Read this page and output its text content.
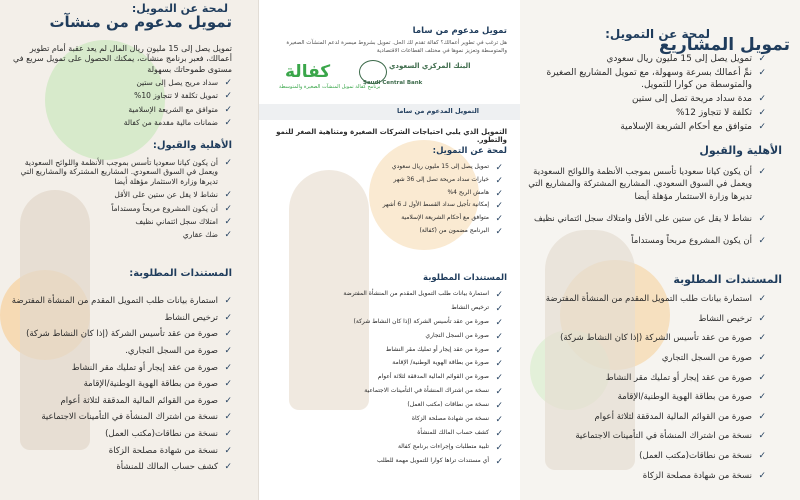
لمحة عن التمويل:
تمويل مدعوم من منشآت
تمويل يصل إلى 15 مليون ريال المال لم يعد عقبة أمام تطوير أعمالك، فعبر برنامج منشآت، يمكنك الحصول على تمويل سريع في مستوى طموحاتك بسهولة
✓ سداد مريح يصل إلى ستين
✓ تمويل تكلفة لا تتجاوز 10%
✓ متوافق مع الشريعة الإسلامية
✓ ضمانات مالية مقدمة من كفالة
الأهلية والقبول:
✓ أن يكون كيانا سعوديا تأسس بموجب الأنظمة واللوائح السعودية ويعمل في السوق السعودي. المشاريع المشتركة والمشاريع التي تديرها وزارة الاستثمار مؤهلة أيضا
✓ نشاط لا يقل عن ستين على الأقل
✓ أن يكون المشروع مربحاً ومستداماً
✓ امتلاك سجل ائتماني نظيف
✓ ضك عقاري
المستندات المطلوبة:
✓ استمارة بيانات طلب التمويل المقدم من المنشأة المفترضة
✓ ترخيص النشاط
✓ صورة من عقد تأسيس الشركة (إذا كان النشاط شركة)
✓ صورة من السجل التجاري.
✓ صورة من عقد إيجار أو تمليك مقر النشاط
✓ صورة من بطاقة الهوية الوطنية/الإقامة
✓ صورة من القوائم المالية المدققة لثلاثة أعوام
✓ نسخة من اشتراك المنشأة في التأمينات الاجتماعية
✓ نسخة من نطاقات(مكتب العمل)
✓ نسخة من شهادة مصلحة الزكاة
✓ كشف حساب المالك للمنشأة
تمويل مدعوم من ساما
هل ترغب في تطوير أعمالك؟ كفالة تقدم لك الحل. تمويل بشروط ميسرة لدعم المنشآت الصغيرة والمتوسطة وتعزيز نموها في مختلف القطاعات الاقتصادية
كفالة
برنامج كفالة تمويل المنشآت الصغيرة والمتوسطة
البنك المركزي السعودي
Saudi Central Bank
التمويل المدعوم من ساما
التمويل الذي يلبي احتياجات الشركات الصغيرة ومتناهية الصغر للنمو والتطور.
لمحة عن التمويل:
✓ تمويل يصل إلى 15 مليون ريال سعودي
✓ خيارات سداد مريحة تصل إلى 36 شهر
✓ هامش الربح 4%
✓ إمكانية تأجيل سداد القسط الأول لـ 6 أشهر
✓ متوافق مع أحكام الشريعة الإسلامية
✓ البرنامج مضمون من (كفالة)
المستندات المطلوبة
✓ استمارة بيانات طلب التمويل المقدم من المنشأة المفترضة
✓ ترخيص النشاط
✓ صورة من عقد تأسيس الشركة (إذا كان النشاط شركة)
✓ صورة من السجل التجاري
✓ صورة من عقد إيجار أو تمليك مقر النشاط
✓ صورة من بطاقة الهوية الوطنية/ الإقامة
✓ صورة من القوائم المالية المدققة لثلاثة أعوام
✓ نسخة من اشتراك المنشأة في التأمينات الاجتماعية
✓ نسخة من نطاقات (مكتب العمل)
✓ نسخة من شهادة مصلحة الزكاة
✓ كشف حساب المالك للمنشأة
✓ تلبية متطلبات وإجراءات برنامج كفالة
✓ أي مستندات تراها كوارا للتمويل مهمة للطلب
لمحة عن التمويل:
تمويل المشاريع
✓ تمويل يصل إلى 15 مليون ريال سعودي
✓ نمِّ أعمالك بسرعة وسهولة، مع تمويل المشاريع الصغيرة والمتوسطة من كوارا للتمويل.
✓ مدة سداد مريحة تصل إلى ستين
✓ تكلفة لا تتجاوز 12%
✓ متوافق مع أحكام الشريعة الإسلامية
الأهلية والقبول
✓ أن يكون كيانا سعوديا تأسس بموجب الأنظمة واللوائح السعودية ويعمل في السوق السعودي. المشاريع المشتركة والمشاريع التي تديرها وزارة الاستثمار مؤهلة أيضا
✓ نشاط لا يقل عن ستين على الأقل وامتلاك سجل ائتماني نظيف
✓ أن يكون المشروع مربحاً ومستداماً
المستندات المطلوبة
✓ استمارة بيانات طلب التمويل المقدم من المنشأة المفترضة
✓ ترخيص النشاط
✓ صورة من عقد تأسيس الشركة (إذا كان النشاط شركة)
✓ صورة من السجل التجاري
✓ صورة من عقد إيجار أو تمليك مقر النشاط
✓ صورة من بطاقة الهوية الوطنية/الإقامة
✓ صورة من القوائم المالية المدققة لثلاثة أعوام
✓ نسخة من اشتراك المنشأة في التأمينات الاجتماعية
✓ نسخة من نطاقات(مكتب العمل)
✓ نسخة من شهادة مصلحة الزكاة
